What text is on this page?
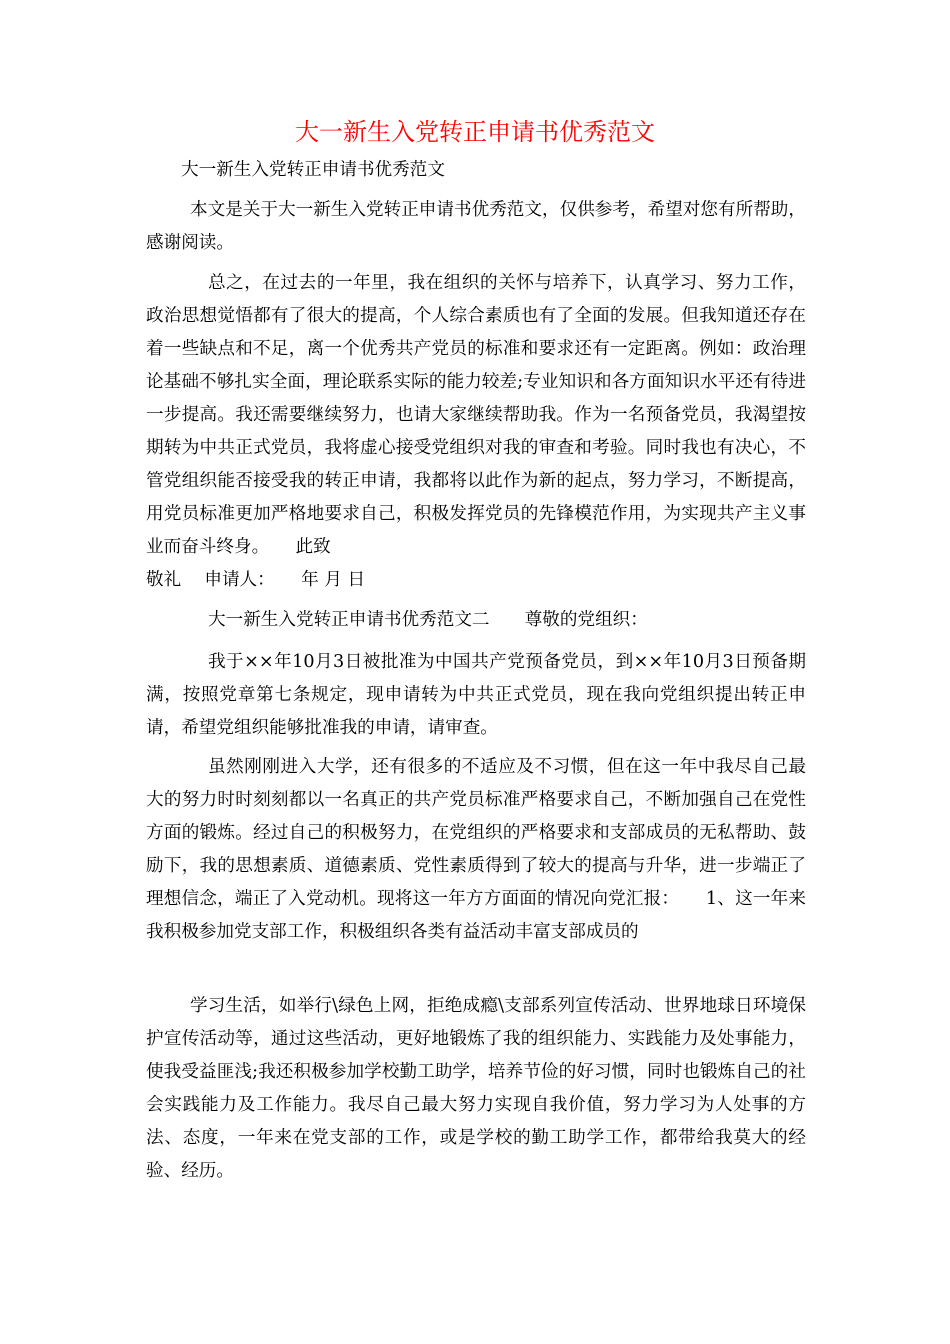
大一新生入党转正申请书优秀范文

大一新生入党转正申请书优秀范文

本文是关于大一新生入党转正申请书优秀范文，仅供参考，希望对您有所帮助，感谢阅读。

总之，在过去的一年里，我在组织的关怀与培养下，认真学习、努力工作，政治思想觉悟都有了很大的提高，个人综合素质也有了全面的发展。但我知道还存在着一些缺点和不足，离一个优秀共产党员的标准和要求还有一定距离。例如：政治理论基础不够扎实全面，理论联系实际的能力较差;专业知识和各方面知识水平还有待进一步提高。我还需要继续努力，也请大家继续帮助我。作为一名预备党员，我渴望按期转为中共正式党员，我将虚心接受党组织对我的审查和考验。同时我也有决心，不管党组织能否接受我的转正申请，我都将以此作为新的起点，努力学习，不断提高，用党员标准更加严格地要求自己，积极发挥党员的先锋模范作用，为实现共产主义事业而奋斗终身。　　此致

敬礼　 申请人：　　年 月 日

大一新生入党转正申请书优秀范文二　　尊敬的党组织：

我于××年10月3日被批准为中国共产党预备党员，到××年10月3日预备期满，按照党章第七条规定，现申请转为中共正式党员，现在我向党组织提出转正申请，希望党组织能够批准我的申请，请审查。

虽然刚刚进入大学，还有很多的不适应及不习惯，但在这一年中我尽自己最大的努力时时刻刻都以一名真正的共产党员标准严格要求自己，不断加强自己在党性方面的锻炼。经过自己的积极努力，在党组织的严格要求和支部成员的无私帮助、鼓励下，我的思想素质、道德素质、党性素质得到了较大的提高与升华，进一步端正了理想信念，端正了入党动机。现将这一年方方面面的情况向党汇报：　　1、这一年来我积极参加党支部工作，积极组织各类有益活动丰富支部成员的

学习生活，如举行\绿色上网，拒绝成瘾\支部系列宣传活动、世界地球日环境保护宣传活动等，通过这些活动，更好地锻炼了我的组织能力、实践能力及处事能力，使我受益匪浅;我还积极参加学校勤工助学，培养节俭的好习惯，同时也锻炼自己的社会实践能力及工作能力。我尽自己最大努力实现自我价值，努力学习为人处事的方法、态度，一年来在党支部的工作，或是学校的勤工助学工作，都带给我莫大的经验、经历。
